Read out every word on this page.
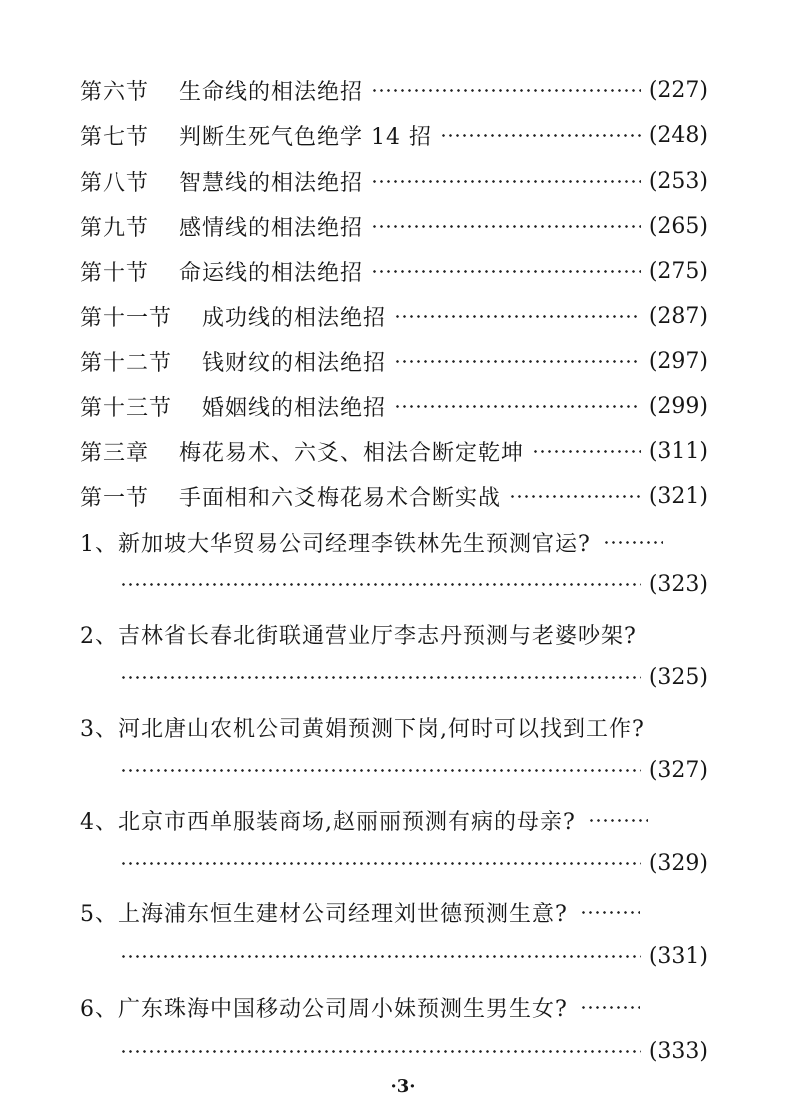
第六节 生命线的相法绝招	(227)
第七节 判断生死气色绝学 14 招	(248)
第八节 智慧线的相法绝招	(253)
第九节 感情线的相法绝招	(265)
第十节 命运线的相法绝招	(275)
第十一节 成功线的相法绝招	(287)
第十二节 钱财纹的相法绝招	(297)
第十三节 婚姻线的相法绝招	(299)
第三章 梅花易术、六爻、相法合断定乾坤	(311)
第一节 手面相和六爻梅花易术合断实战	(321)
1、新加坡大华贸易公司经理李铁林先生预测官运?
(323)
2、吉林省长春北街联通营业厅李志丹预测与老婆吵架?
(325)
3、河北唐山农机公司黄娟预测下岗,何时可以找到工作?
(327)
4、北京市西单服装商场,赵丽丽预测有病的母亲?
(329)
5、上海浦东恒生建材公司经理刘世德预测生意?
(331)
6、广东珠海中国移动公司周小妹预测生男生女?
(333)
·3·
